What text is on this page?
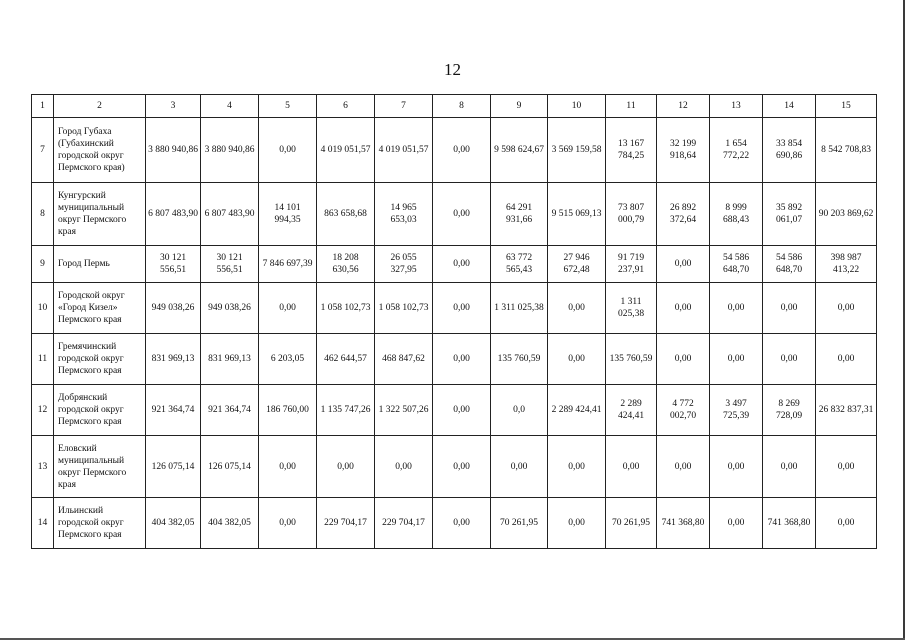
12
1	2	3	4	5	6	7	8	9	10	11	12	13	14	15
7	Город Губаха (Губахинский городской округ Пермского края)	3 880 940,86	3 880 940,86	0,00	4 019 051,57	4 019 051,57	0,00	9 598 624,67	3 569 159,58	13 167 784,25	32 199 918,64	1 654 772,22	33 854 690,86	8 542 708,83
8	Кунгурский муниципальный округ Пермского края	6 807 483,90	6 807 483,90	14 101 994,35	863 658,68	14 965 653,03	0,00	64 291 931,66	9 515 069,13	73 807 000,79	26 892 372,64	8 999 688,43	35 892 061,07	90 203 869,62
9	Город Пермь	30 121 556,51	30 121 556,51	7 846 697,39	18 208 630,56	26 055 327,95	0,00	63 772 565,43	27 946 672,48	91 719 237,91	0,00	54 586 648,70	54 586 648,70	398 987 413,22
10	Городской округ «Город Кизел» Пермского края	949 038,26	949 038,26	0,00	1 058 102,73	1 058 102,73	0,00	1 311 025,38	0,00	1 311 025,38	0,00	0,00	0,00	0,00
11	Гремячинский городской округ Пермского края	831 969,13	831 969,13	6 203,05	462 644,57	468 847,62	0,00	135 760,59	0,00	135 760,59	0,00	0,00	0,00	0,00
12	Добрянский городской округ Пермского края	921 364,74	921 364,74	186 760,00	1 135 747,26	1 322 507,26	0,00	0,0	2 289 424,41	2 289 424,41	4 772 002,70	3 497 725,39	8 269 728,09	26 832 837,31
13	Еловский муниципальный округ Пермского края	126 075,14	126 075,14	0,00	0,00	0,00	0,00	0,00	0,00	0,00	0,00	0,00	0,00	0,00
14	Ильинский городской округ Пермского края	404 382,05	404 382,05	0,00	229 704,17	229 704,17	0,00	70 261,95	0,00	70 261,95	741 368,80	0,00	741 368,80	0,00
